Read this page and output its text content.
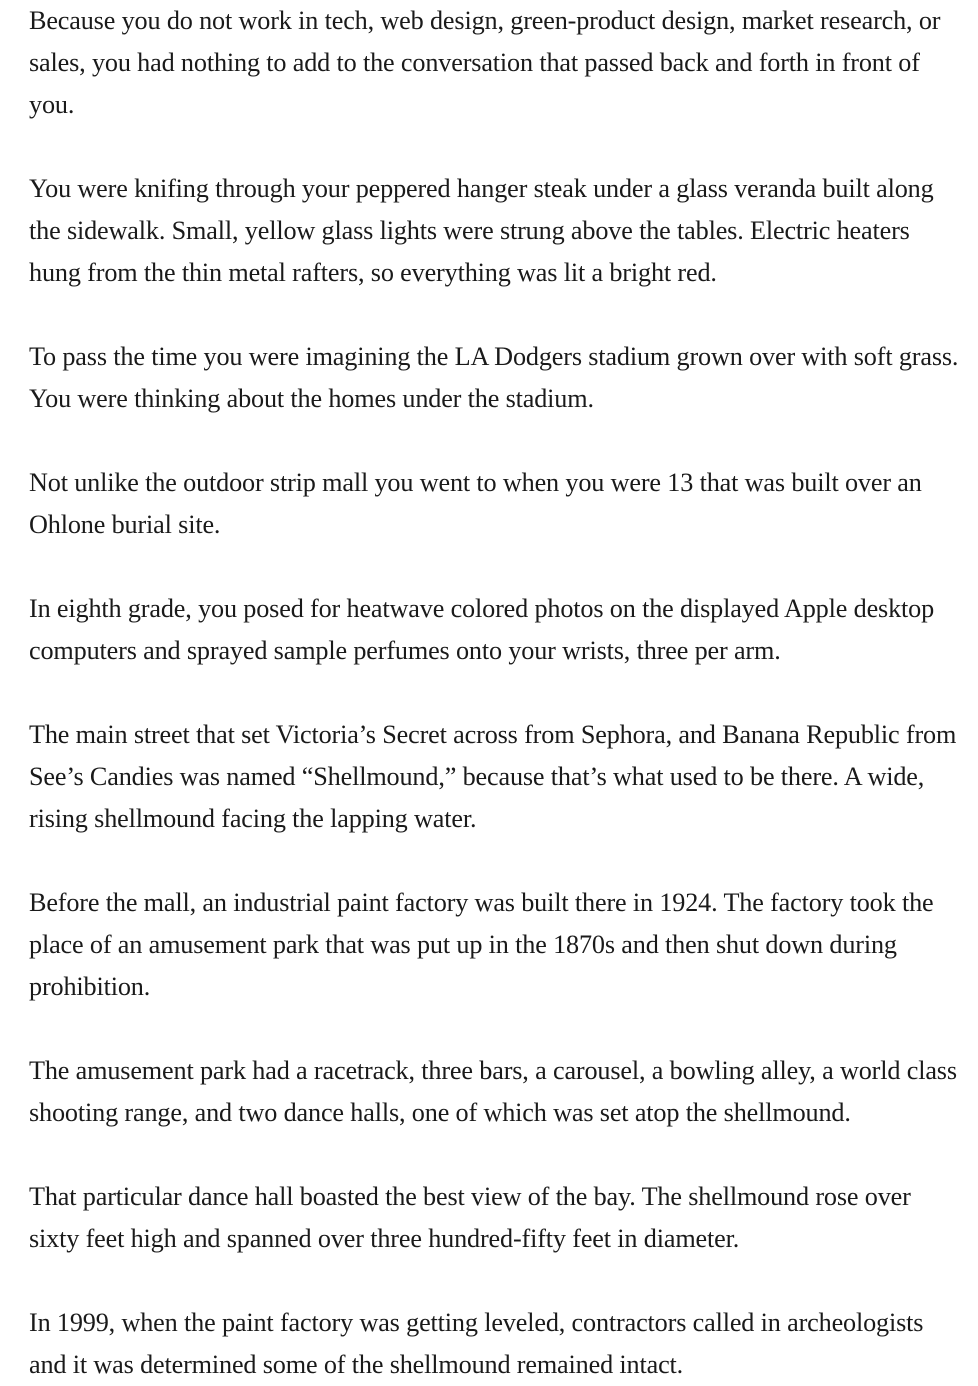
Because you do not work in tech, web design, green-product design, market research, or sales, you had nothing to add to the conversation that passed back and forth in front of you.

You were knifing through your peppered hanger steak under a glass veranda built along the sidewalk. Small, yellow glass lights were strung above the tables. Electric heaters hung from the thin metal rafters, so everything was lit a bright red.

To pass the time you were imagining the LA Dodgers stadium grown over with soft grass. You were thinking about the homes under the stadium.

Not unlike the outdoor strip mall you went to when you were 13 that was built over an Ohlone burial site.

In eighth grade, you posed for heatwave colored photos on the displayed Apple desktop computers and sprayed sample perfumes onto your wrists, three per arm.

The main street that set Victoria’s Secret across from Sephora, and Banana Republic from See’s Candies was named “Shellmound,” because that’s what used to be there. A wide, rising shellmound facing the lapping water.

Before the mall, an industrial paint factory was built there in 1924. The factory took the place of an amusement park that was put up in the 1870s and then shut down during prohibition.

The amusement park had a racetrack, three bars, a carousel, a bowling alley, a world class shooting range, and two dance halls, one of which was set atop the shellmound.

That particular dance hall boasted the best view of the bay. The shellmound rose over sixty feet high and spanned over three hundred-fifty feet in diameter.

In 1999, when the paint factory was getting leveled, contractors called in archeologists and it was determined some of the shellmound remained intact.
